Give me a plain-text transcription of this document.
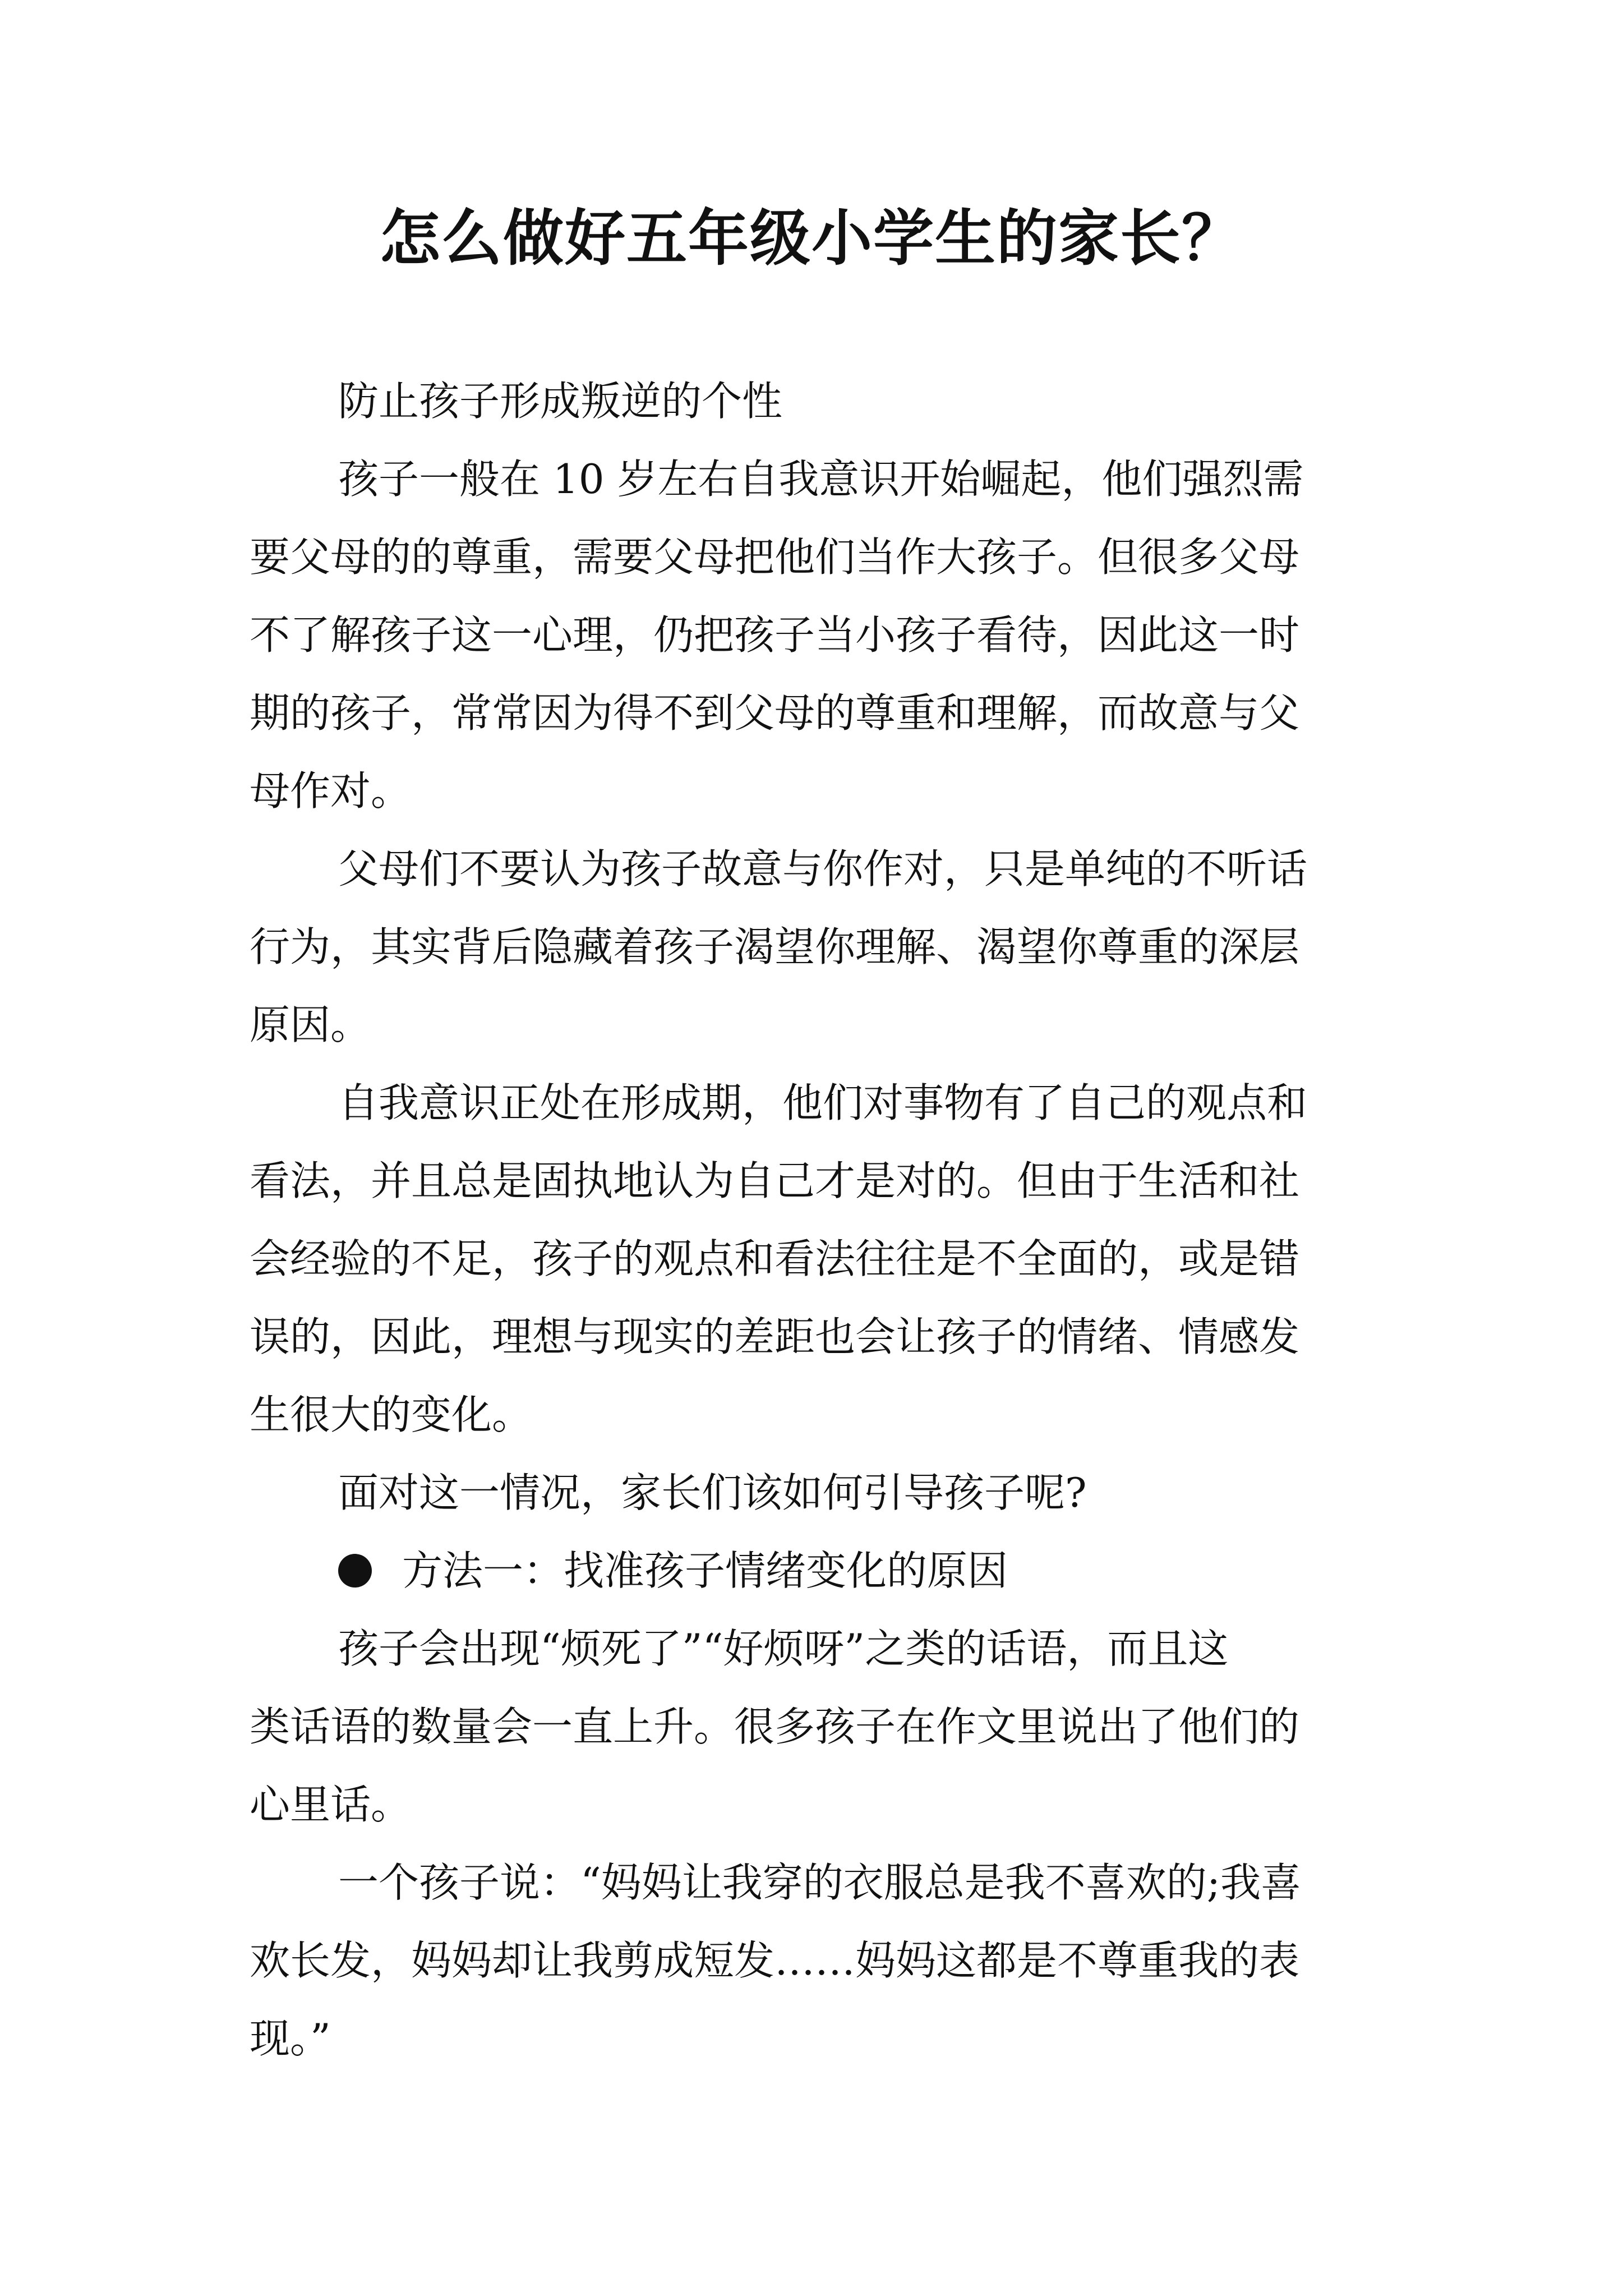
怎么做好五年级小学生的家长？
防止孩子形成叛逆的个性
孩子一般在 10 岁左右自我意识开始崛起，他们强烈需
要父母的的尊重，需要父母把他们当作大孩子。但很多父母
不了解孩子这一心理，仍把孩子当小孩子看待，因此这一时
期的孩子，常常因为得不到父母的尊重和理解，而故意与父
母作对。
父母们不要认为孩子故意与你作对，只是单纯的不听话
行为，其实背后隐藏着孩子渴望你理解、渴望你尊重的深层
原因。
自我意识正处在形成期，他们对事物有了自己的观点和
看法，并且总是固执地认为自己才是对的。但由于生活和社
会经验的不足，孩子的观点和看法往往是不全面的，或是错
误的，因此，理想与现实的差距也会让孩子的情绪、情感发
生很大的变化。
面对这一情况，家长们该如何引导孩子呢?
方法一：找准孩子情绪变化的原因
孩子会出现“烦死了”“好烦呀”之类的话语，而且这
类话语的数量会一直上升。很多孩子在作文里说出了他们的
心里话。
一个孩子说：“妈妈让我穿的衣服总是我不喜欢的;我喜
欢长发，妈妈却让我剪成短发……妈妈这都是不尊重我的表
现。”
